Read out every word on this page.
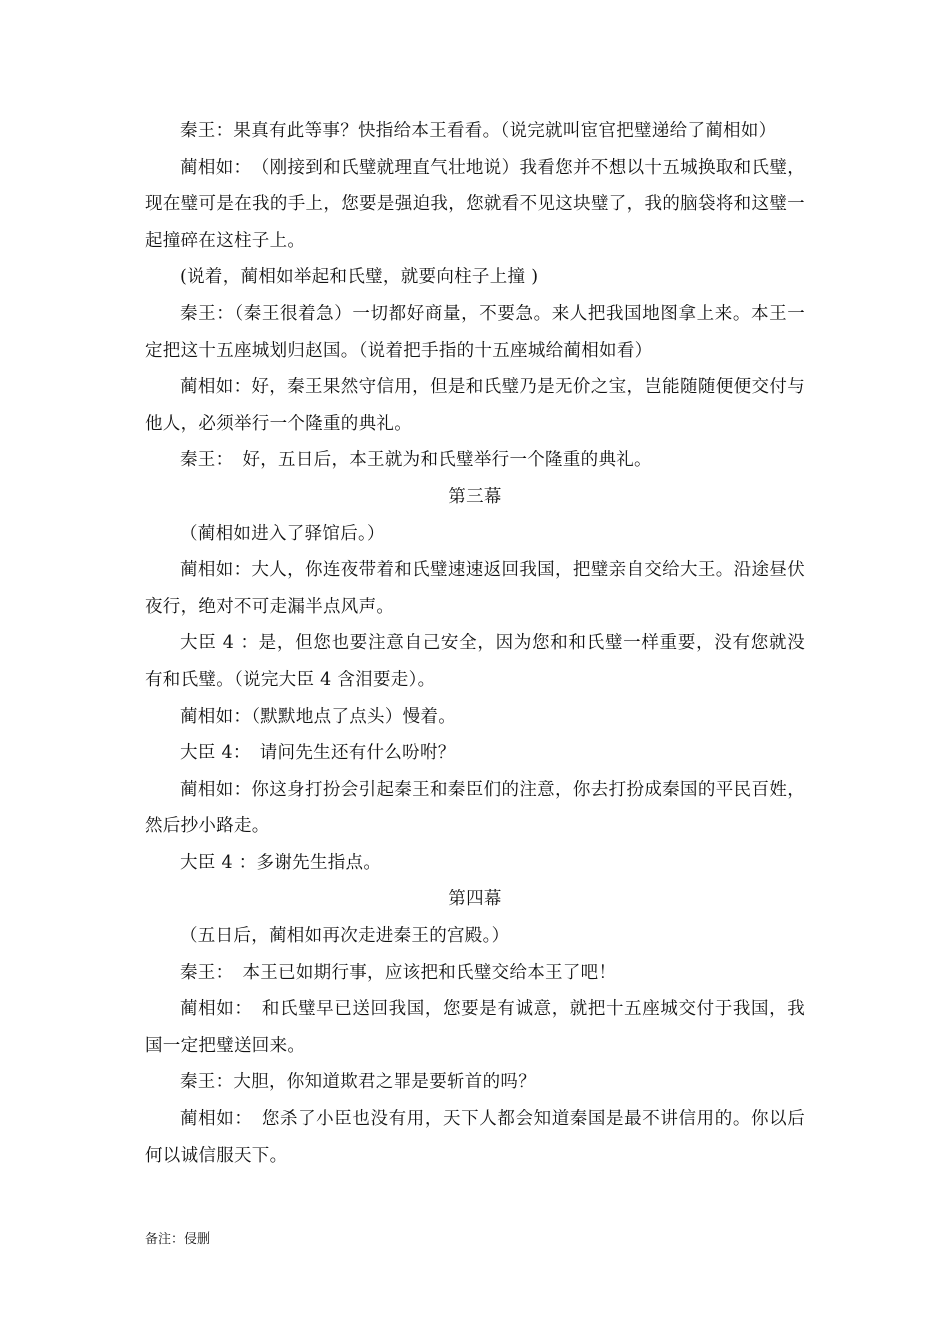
秦王：果真有此等事？快指给本王看看。（说完就叫宦官把璧递给了蔺相如）

蔺相如：　（刚接到和氏璧就理直气壮地说）我看您并不想以十五城换取和氏璧，现在璧可是在我的手上，您要是强迫我，您就看不见这块璧了，我的脑袋将和这璧一起撞碎在这柱子上。

(说着，蔺相如举起和氏璧，就要向柱子上撞 )

秦王：（秦王很着急）一切都好商量，不要急。来人把我国地图拿上来。本王一定把这十五座城划归赵国。（说着把手指的十五座城给蔺相如看）

蔺相如：好，秦王果然守信用，但是和氏璧乃是无价之宝，岂能随随便便交付与他人，必须举行一个隆重的典礼。

秦王：　好，五日后，本王就为和氏璧举行一个隆重的典礼。

第三幕

（蔺相如进入了驿馆后。）

蔺相如：大人，你连夜带着和氏璧速速返回我国，把璧亲自交给大王。沿途昼伏夜行，绝对不可走漏半点风声。

大臣 4 ：是，但您也要注意自己安全，因为您和和氏璧一样重要，没有您就没有和氏璧。（说完大臣 4 含泪要走）。

蔺相如：（默默地点了点头）慢着。

大臣 4：　请问先生还有什么吩咐？

蔺相如：你这身打扮会引起秦王和秦臣们的注意，你去打扮成秦国的平民百姓，然后抄小路走。

大臣 4 ：多谢先生指点。

第四幕

（五日后，蔺相如再次走进秦王的宫殿。）

秦王：　本王已如期行事，应该把和氏璧交给本王了吧！

蔺相如：　和氏璧早已送回我国，您要是有诚意，就把十五座城交付于我国，我国一定把璧送回来。

秦王：大胆，你知道欺君之罪是要斩首的吗？

蔺相如：　您杀了小臣也没有用，天下人都会知道秦国是最不讲信用的。你以后何以诚信服天下。

备注：侵删
